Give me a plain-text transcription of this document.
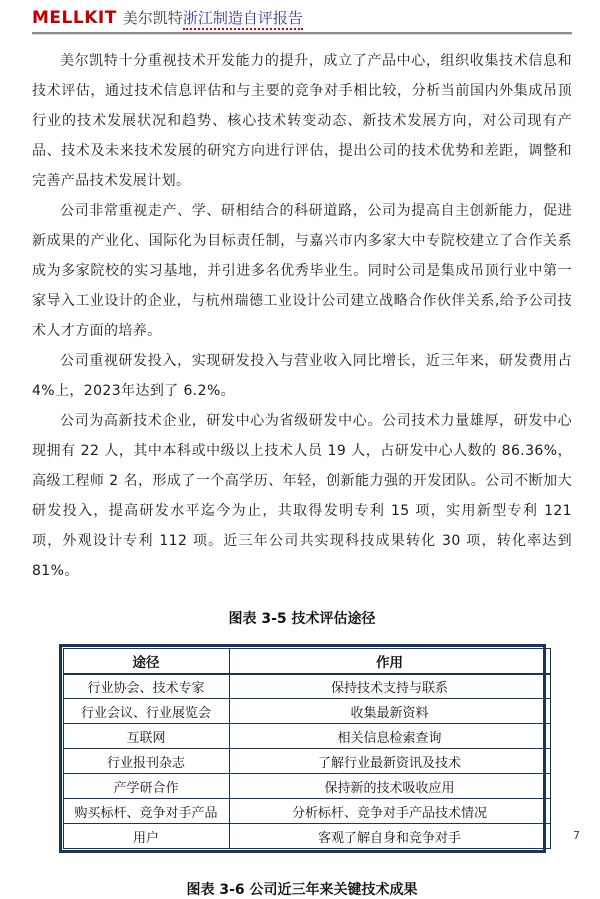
MELLKIT 美尔凯特浙江制造自评报告

美尔凯特十分重视技术开发能力的提升，成立了产品中心，组织收集技术信息和技术评估，通过技术信息评估和与主要的竞争对手相比较，分析当前国内外集成吊顶行业的技术发展状况和趋势、核心技术转变动态、新技术发展方向，对公司现有产品、技术及未来技术发展的研究方向进行评估，提出公司的技术优势和差距，调整和完善产品技术发展计划。

公司非常重视走产、学、研相结合的科研道路，公司为提高自主创新能力，促进新成果的产业化、国际化为目标责任制，与嘉兴市内多家大中专院校建立了合作关系成为多家院校的实习基地，并引进多名优秀毕业生。同时公司是集成吊顶行业中第一家导入工业设计的企业，与杭州瑞德工业设计公司建立战略合作伙伴关系,给予公司技术人才方面的培养。

公司重视研发投入，实现研发投入与营业收入同比增长，近三年来，研发费用占 4%上，2023年达到了 6.2%。

公司为高新技术企业，研发中心为省级研发中心。公司技术力量雄厚，研发中心现拥有 22 人，其中本科或中级以上技术人员 19 人，占研发中心人数的 86.36%，高级工程师 2 名，形成了一个高学历、年轻，创新能力强的开发团队。公司不断加大研发投入，提高研发水平迄今为止，共取得发明专利 15 项，实用新型专利 121 项，外观设计专利 112 项。近三年公司共实现科技成果转化 30 项，转化率达到 81%。

图表 3-5 技术评估途径
途径	作用
行业协会、技术专家	保持技术支持与联系
行业会议、行业展览会	收集最新资料
互联网	相关信息检索查询
行业报刊杂志	了解行业最新资讯及技术
产学研合作	保持新的技术吸收应用
购买标杆、竞争对手产品	分析标杆、竞争对手产品技术情况
用户	客观了解自身和竞争对手
图表 3-6 公司近三年来关键技术成果
7
